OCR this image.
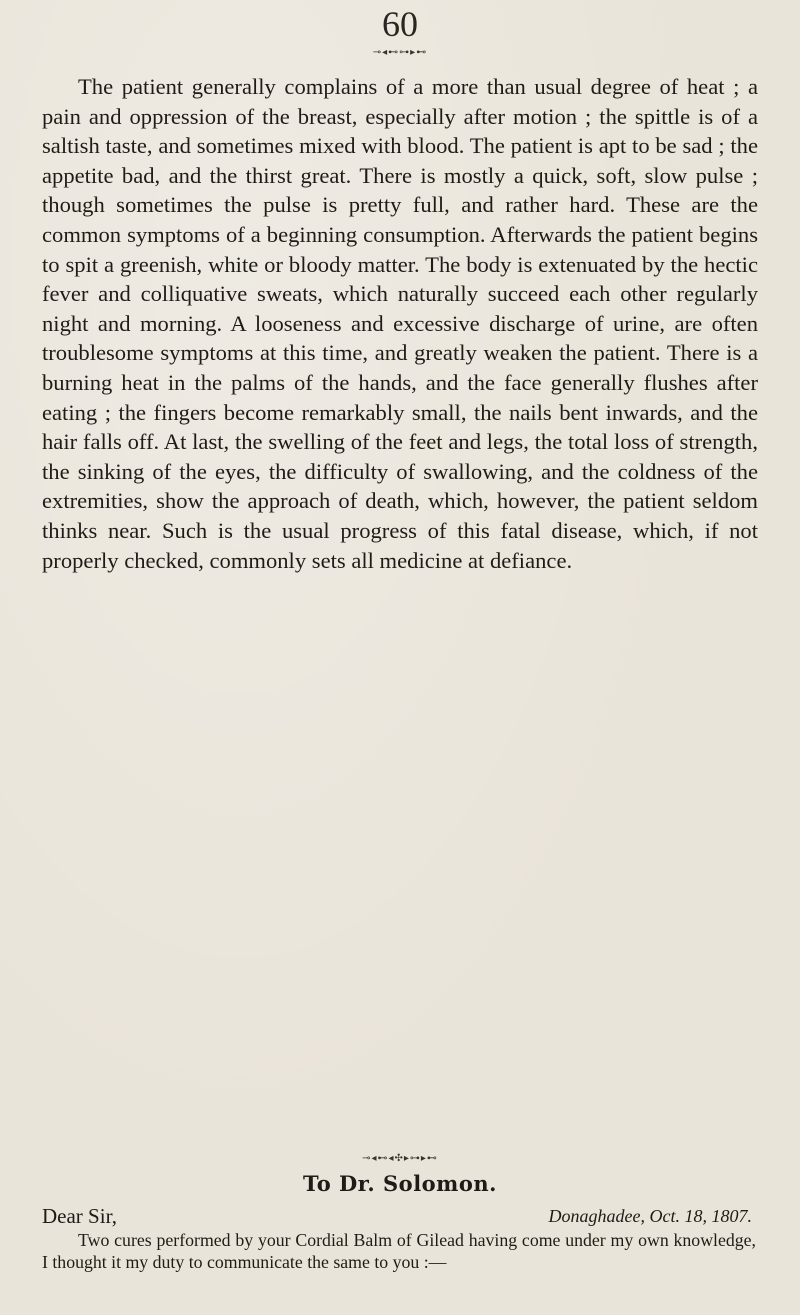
60
⊸◂⊷⊶▸⊷

The patient generally complains of a more than usual degree of heat ; a pain and oppression of the breast, especially after motion ; the spittle is of a saltish taste, and sometimes mixed with blood. The patient is apt to be sad ; the appetite bad, and the thirst great. There is mostly a quick, soft, slow pulse ; though sometimes the pulse is pretty full, and rather hard. These are the common symptoms of a beginning consumption. Afterwards the patient begins to spit a greenish, white or bloody matter. The body is extenuated by the hectic fever and colliquative sweats, which naturally succeed each other regularly night and morning. A looseness and excessive discharge of urine, are often troublesome symptoms at this time, and greatly weaken the patient. There is a burning heat in the palms of the hands, and the face generally flushes after eating ; the fingers become remarkably small, the nails bent inwards, and the hair falls off. At last, the swelling of the feet and legs, the total loss of strength, the sinking of the eyes, the difficulty of swallowing, and the coldness of the extremities, show the approach of death, which, however, the patient seldom thinks near. Such is the usual progress of this fatal disease, which, if not properly checked, commonly sets all medicine at defiance.

⊸◂⊷◂✣▸⊶▸⊷
To Dr. Solomon.
Dear Sir,	Donaghadee, Oct. 18, 1807.

Two cures performed by your Cordial Balm of Gilead having come under my own knowledge, I thought it my duty to communicate the same to you :—
